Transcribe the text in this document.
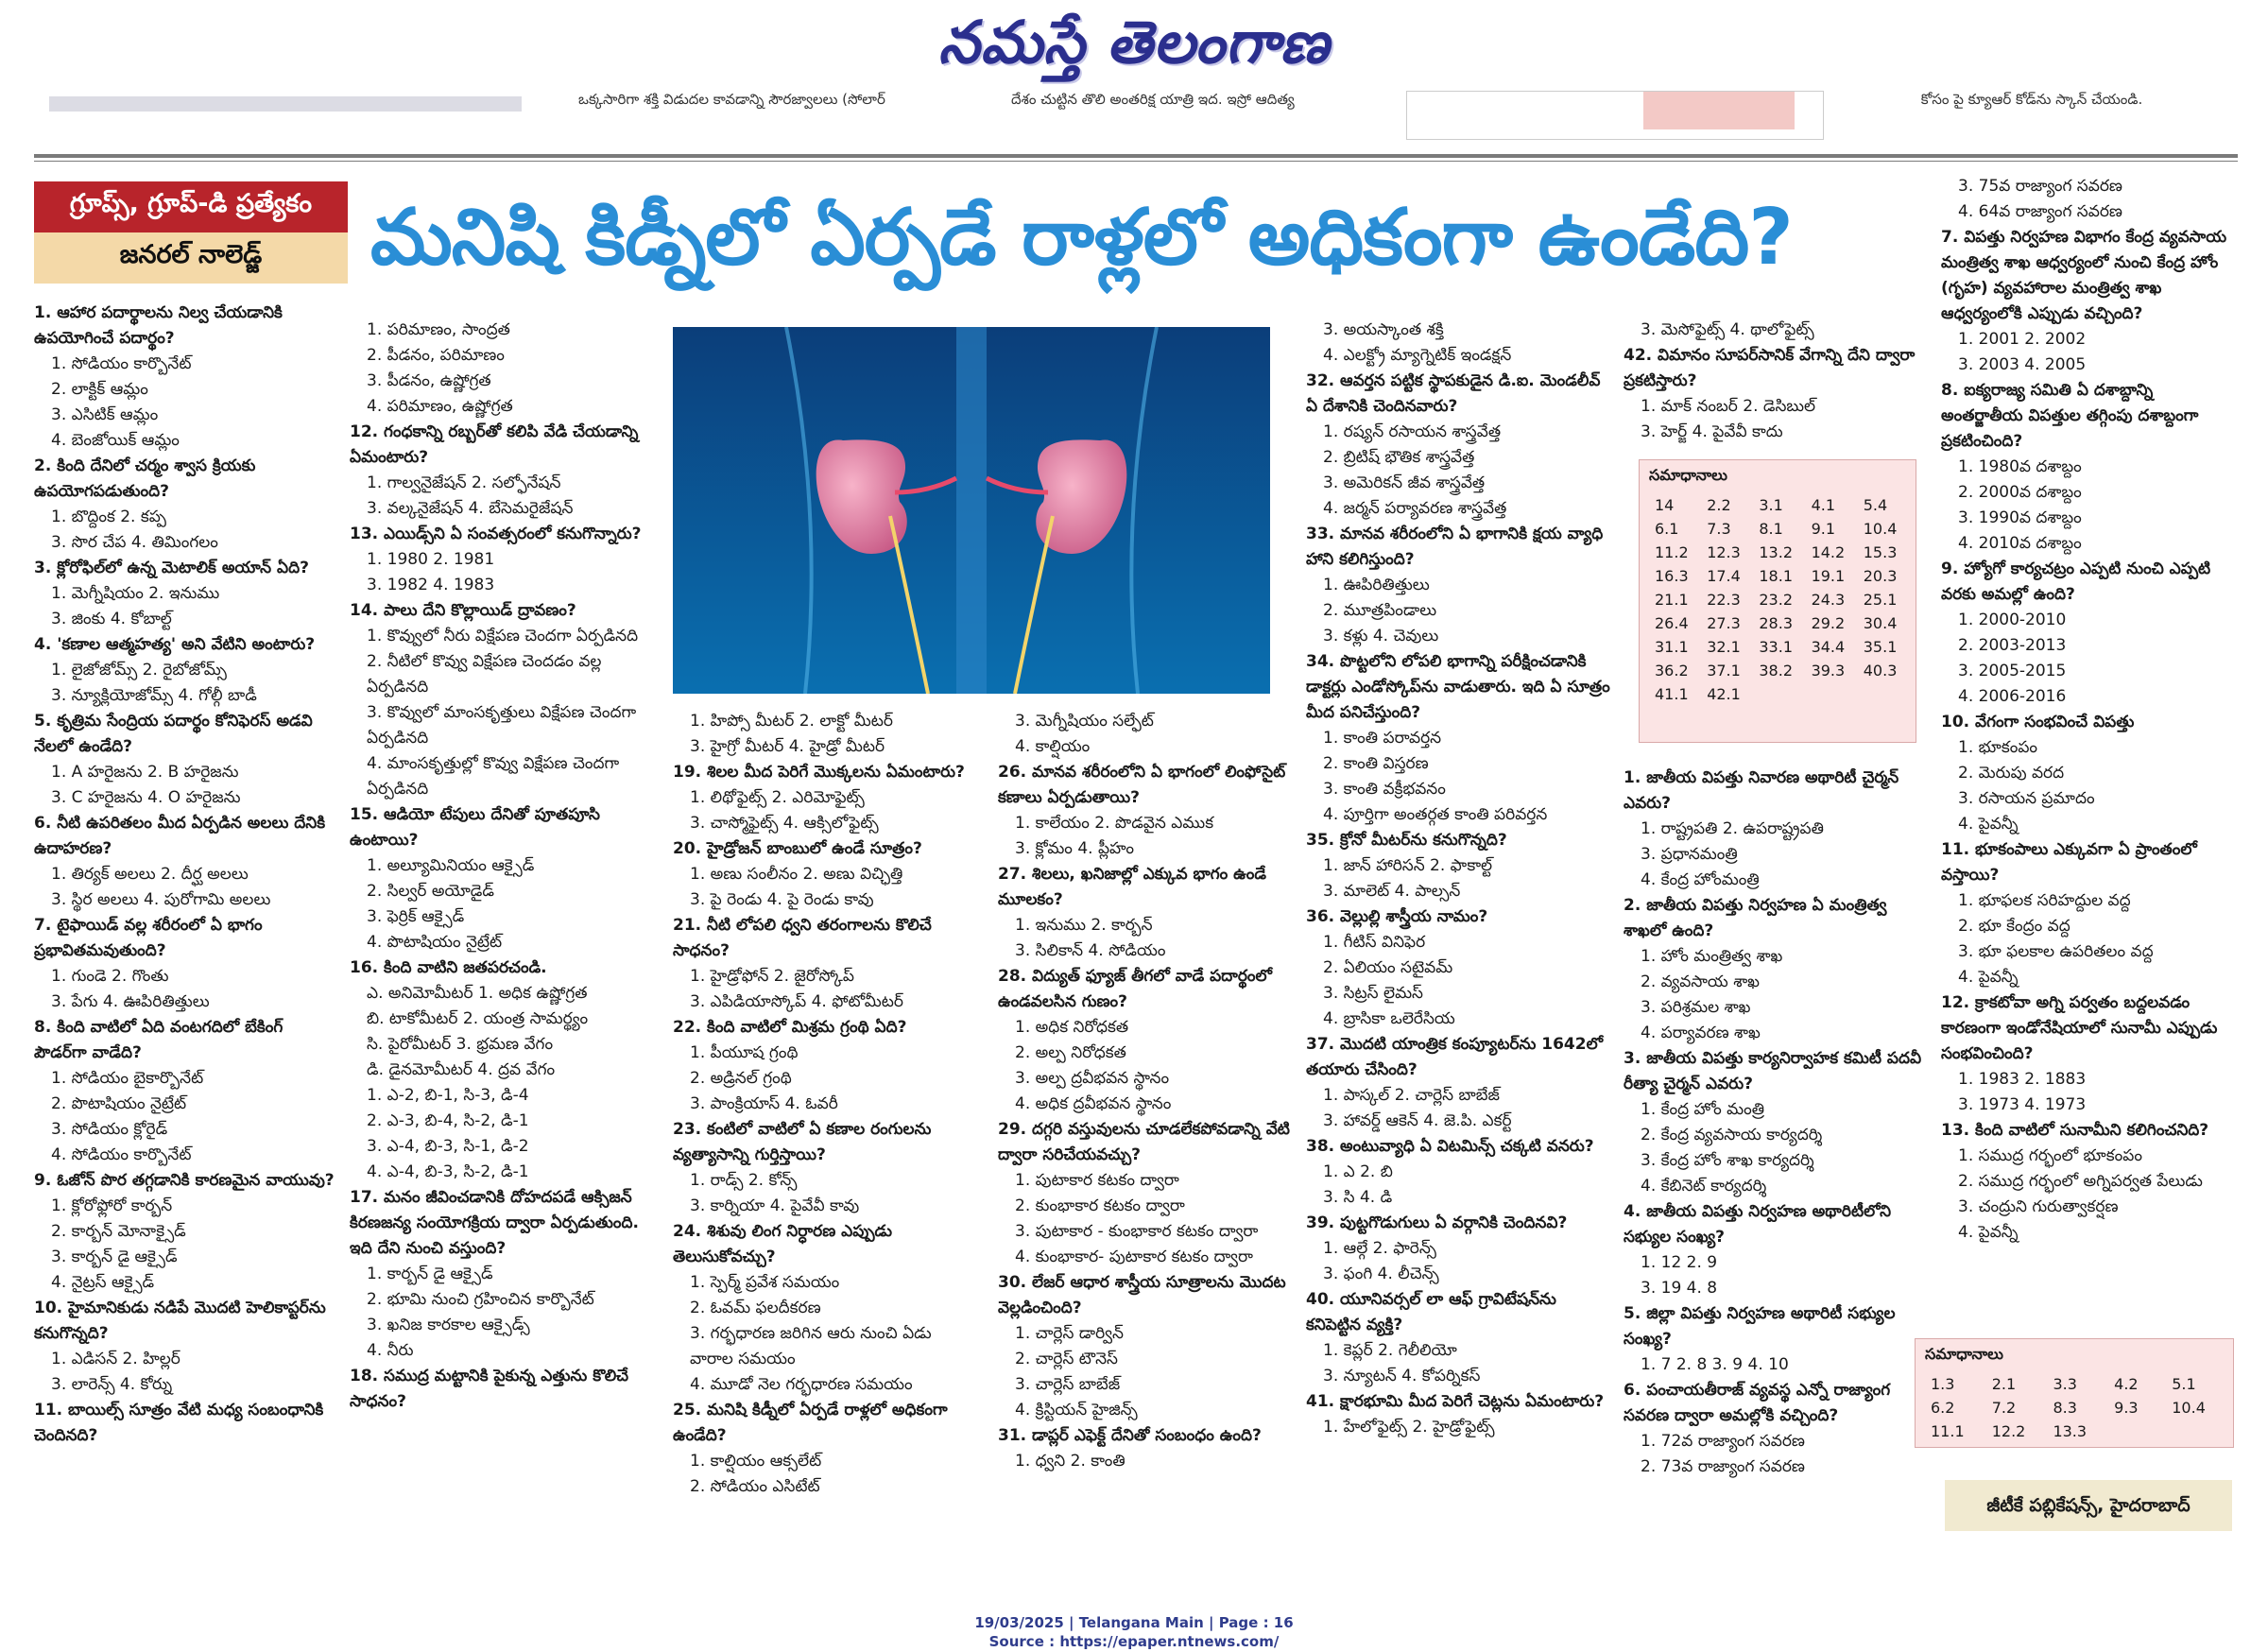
నమస్తే తెలంగాణ
ఒక్కసారిగా శక్తి విడుదల కావడాన్ని సౌరజ్వాలలు (సోలార్	దేశం చుట్టిన తొలి అంతరిక్ష యాత్రి ఇద. ఇస్రో ఆదిత్య	కోసం పై క్యూఆర్ కోడ్‌ను స్కాన్ చేయండి.
గ్రూప్స్, గ్రూప్-డి ప్రత్యేకం
జనరల్ నాలెడ్జ్	మనిషి కిడ్నీలో ఏర్పడే రాళ్లలో అధికంగా ఉండేది?

1. ఆహార పదార్థాలను నిల్వ చేయడానికి ఉపయోగించే పదార్థం?

1. సోడియం కార్బొనేట్

2. లాక్టిక్ ఆమ్లం

3. ఎసిటిక్ ఆమ్లం

4. బెంజోయిక్ ఆమ్లం

2. కింది దేనిలో చర్మం శ్వాస క్రియకు ఉపయోగపడుతుంది?

1. బొద్దింక 2. కప్ప

3. సొర చేప 4. తిమింగలం

3. క్లోరోఫిల్‌లో ఉన్న మెటాలిక్ అయాన్ ఏది?

1. మెగ్నీషియం 2. ఇనుము

3. జింకు 4. కోబాల్ట్

4. 'కణాల ఆత్మహత్య' అని వేటిని అంటారు?

1. లైజోజోమ్స్ 2. రైబోజోమ్స్

3. న్యూక్లియోజోమ్స్ 4. గోల్గీ బాడీ

5. కృత్రిమ సేంద్రియ పదార్థం కోనిఫెరస్ అడవి నేలలో ఉండేది?

1. A హరైజను 2. B హరైజను

3. C హరైజను 4. O హరైజను

6. నీటి ఉపరితలం మీద ఏర్పడిన అలలు దేనికి ఉదాహరణ?

1. తిర్యక్ అలలు 2. దీర్ఘ అలలు

3. స్థిర అలలు 4. పురోగామి అలలు

7. టైఫాయిడ్ వల్ల శరీరంలో ఏ భాగం ప్రభావితమవుతుంది?

1. గుండె 2. గొంతు

3. పేగు 4. ఊపిరితిత్తులు

8. కింది వాటిలో ఏది వంటగదిలో బేకింగ్ పౌడర్‌గా వాడేది?

1. సోడియం బైకార్బొనేట్

2. పొటాషియం నైట్రేట్

3. సోడియం క్లోరైడ్

4. సోడియం కార్బొనేట్

9. ఓజోన్ పొర తగ్గడానికి కారణమైన వాయువు?

1. క్లోరోఫ్లోరో కార్బన్

2. కార్బన్ మోనాక్సైడ్

3. కార్బన్ డై ఆక్సైడ్

4. నైట్రస్ ఆక్సైడ్

10. హైమానికుడు నడిపే మొదటి హెలికాప్టర్‌ను కనుగొన్నది?

1. ఎడిసన్ 2. హిల్లర్

3. లారెన్స్ 4. కోర్ను

11. బాయిల్స్ సూత్రం వేటి మధ్య సంబంధానికి చెందినది?

1. పరిమాణం, సాంద్రత

2. పీడనం, పరిమాణం

3. పీడనం, ఉష్ణోగ్రత

4. పరిమాణం, ఉష్ణోగ్రత

12. గంధకాన్ని రబ్బర్‌తో కలిపి వేడి చేయడాన్ని ఏమంటారు?

1. గాల్వనైజేషన్ 2. సల్ఫోనేషన్

3. వల్కనైజేషన్ 4. బేసెమరైజేషన్

13. ఎయిడ్స్‌ని ఏ సంవత్సరంలో కనుగొన్నారు?

1. 1980 2. 1981

3. 1982 4. 1983

14. పాలు దేని కొల్లాయిడ్ ద్రావణం?

1. కొవ్వులో నీరు విక్షేపణ చెందగా ఏర్పడినది

2. నీటిలో కొవ్వు విక్షేపణ చెందడం వల్ల ఏర్పడినది

3. కొవ్వులో మాంసకృత్తులు విక్షేపణ చెందగా ఏర్పడినది

4. మాంసకృత్తుల్లో కొవ్వు విక్షేపణ చెందగా ఏర్పడినది

15. ఆడియో టేపులు దేనితో పూతపూసి ఉంటాయి?

1. అల్యూమినియం ఆక్సైడ్

2. సిల్వర్ అయోడైడ్

3. ఫెర్రిక్ ఆక్సైడ్

4. పొటాషియం నైట్రేట్

16. కింది వాటిని జతపరచండి.

ఎ. అనిమోమీటర్ 1. అధిక ఉష్ణోగ్రత

బి. టాకోమీటర్ 2. యంత్ర సామర్థ్యం

సి. పైరోమీటర్ 3. భ్రమణ వేగం

డి. డైనమోమీటర్ 4. ద్రవ వేగం

1. ఎ-2, బి-1, సి-3, డి-4

2. ఎ-3, బి-4, సి-2, డి-1

3. ఎ-4, బి-3, సి-1, డి-2

4. ఎ-4, బి-3, సి-2, డి-1

17. మనం జీవించడానికి దోహదపడే ఆక్సిజన్ కిరణజన్య సంయోగక్రియ ద్వారా ఏర్పడుతుంది. ఇది దేని నుంచి వస్తుంది?

1. కార్బన్ డై ఆక్సైడ్

2. భూమి నుంచి గ్రహించిన కార్బొనేట్

3. ఖనిజ కారకాల ఆక్సైడ్స్

4. నీరు

18. సముద్ర మట్టానికి పైకున్న ఎత్తును కొలిచే సాధనం?

1. హిప్సో మీటర్ 2. లాక్టో మీటర్

3. హైగ్రో మీటర్ 4. హైడ్రో మీటర్

19. శిలల మీద పెరిగే మొక్కలను ఏమంటారు?

1. లిథోఫైట్స్ 2. ఎరిమోఫైట్స్

3. చాస్మోఫైట్స్ 4. ఆక్సిలోఫైట్స్

20. హైడ్రోజన్ బాంబులో ఉండే సూత్రం?

1. అణు సంలీనం 2. అణు విచ్ఛిత్తి

3. పై రెండు 4. పై రెండు కావు

21. నీటి లోపలి ధ్వని తరంగాలను కొలిచే సాధనం?

1. హైడ్రోఫోన్ 2. జైరోస్కోప్

3. ఎపిడియాస్కోప్ 4. ఫోటోమీటర్

22. కింది వాటిలో మిశ్రమ గ్రంథి ఏది?

1. పీయూష గ్రంథి

2. అడ్రినల్ గ్రంథి

3. పాంక్రియాస్ 4. ఓవరీ

23. కంటిలో వాటిలో ఏ కణాల రంగులను వ్యత్యాసాన్ని గుర్తిస్తాయి?

1. రాడ్స్ 2. కోన్స్

3. కార్నియా 4. పైవేవీ కావు

24. శిశువు లింగ నిర్ధారణ ఎప్పుడు తెలుసుకోవచ్చు?

1. స్పెర్మ్ ప్రవేశ సమయం

2. ఓవమ్ ఫలదీకరణ

3. గర్భధారణ జరిగిన ఆరు నుంచి ఏడు వారాల సమయం

4. మూడో నెల గర్భధారణ సమయం

25. మనిషి కిడ్నీలో ఏర్పడే రాళ్లలో అధికంగా ఉండేది?

1. కాల్షియం ఆక్సలేట్

2. సోడియం ఎసిటేట్

3. మెగ్నీషియం సల్ఫేట్

4. కాల్షియం

26. మానవ శరీరంలోని ఏ భాగంలో లింఫోసైట్ కణాలు ఏర్పడుతాయి?

1. కాలేయం 2. పొడవైన ఎముక

3. క్లోమం 4. ప్లీహం

27. శిలలు, ఖనిజాల్లో ఎక్కువ భాగం ఉండే మూలకం?

1. ఇనుము 2. కార్బన్

3. సిలికాన్ 4. సోడియం

28. విద్యుత్ ఫ్యూజ్ తీగలో వాడే పదార్థంలో ఉండవలసిన గుణం?

1. అధిక నిరోధకత

2. అల్ప నిరోధకత

3. అల్ప ద్రవీభవన స్థానం

4. అధిక ద్రవీభవన స్థానం

29. దగ్గరి వస్తువులను చూడలేకపోవడాన్ని వేటి ద్వారా సరిచేయవచ్చు?

1. పుటాకార కటకం ద్వారా

2. కుంభాకార కటకం ద్వారా

3. పుటాకార - కుంభాకార కటకం ద్వారా

4. కుంభాకార- పుటాకార కటకం ద్వారా

30. లేజర్ ఆధార శాస్త్రీయ సూత్రాలను మొదట వెల్లడించింది?

1. చార్లెస్ డార్విన్

2. చార్లెస్ టౌనెస్

3. చార్లెస్ బాబేజ్

4. క్రిస్టియన్ హైజిన్స్

31. డాప్లర్ ఎఫెక్ట్ దేనితో సంబంధం ఉంది?

1. ధ్వని 2. కాంతి

3. అయస్కాంత శక్తి

4. ఎలక్ట్రో మ్యాగ్నెటిక్ ఇండక్షన్

32. ఆవర్తన పట్టిక స్థాపకుడైన డి.ఐ. మెండలీవ్ ఏ దేశానికి చెందినవారు?

1. రష్యన్ రసాయన శాస్త్రవేత్త

2. బ్రిటిష్ భౌతిక శాస్త్రవేత్త

3. అమెరికన్ జీవ శాస్త్రవేత్త

4. జర్మన్ పర్యావరణ శాస్త్రవేత్త

33. మానవ శరీరంలోని ఏ భాగానికి క్షయ వ్యాధి హాని కలిగిస్తుంది?

1. ఊపిరితిత్తులు

2. మూత్రపిండాలు

3. కళ్లు 4. చెవులు

34. పొట్టలోని లోపలి భాగాన్ని పరీక్షించడానికి డాక్టర్లు ఎండోస్కోప్‌ను వాడుతారు. ఇది ఏ సూత్రం మీద పనిచేస్తుంది?

1. కాంతి పరావర్తన

2. కాంతి విస్తరణ

3. కాంతి వక్రీభవనం

4. పూర్తిగా అంతర్గత కాంతి పరివర్తన

35. క్రోనో మీటర్‌ను కనుగొన్నది?

1. జాన్ హారిసన్ 2. ఫాకాల్ట్

3. మాలెట్ 4. పాల్సన్

36. వెల్లుల్లి శాస్త్రీయ నామం?

1. గీటిస్ వినిఫెర

2. ఏలియం సటైవమ్

3. సిట్రస్ లైమస్

4. బ్రాసికా ఒలెరేసియ

37. మొదటి యాంత్రిక కంప్యూటర్‌ను 1642లో తయారు చేసింది?

1. పాస్కల్ 2. చార్లెస్ బాబేజ్

3. హావర్డ్ ఆకెన్ 4. జె.పి. ఎకర్ట్

38. అంటువ్యాధి ఏ విటమిన్స్ చక్కటి వనరు?

1. ఎ 2. బి

3. సి 4. డి

39. పుట్టగొడుగులు ఏ వర్గానికి చెందినవి?

1. ఆల్గే 2. ఫారెన్స్

3. ఫంగి 4. లీచెన్స్

40. యూనివర్సల్ లా ఆఫ్ గ్రావిటేషన్‌ను కనిపెట్టిన వ్యక్తి?

1. కెప్లర్ 2. గెలీలియో

3. న్యూటన్ 4. కోపర్నికస్

41. క్షారభూమి మీద పెరిగే చెట్లను ఏమంటారు?

1. హేలోఫైట్స్ 2. హైడ్రోఫైట్స్

3. మెసోఫైట్స్ 4. థాలోఫైట్స్

42. విమానం సూపర్‌సానిక్ వేగాన్ని దేని ద్వారా ప్రకటిస్తారు?

1. మాక్ నంబర్ 2. డెసిబుల్

3. హెర్జ్ 4. పైవేవీ కాదు

సమాధానాలు
14	2.2	3.1	4.1	5.4
6.1	7.3	8.1	9.1	10.4
11.2	12.3	13.2	14.2	15.3
16.3	17.4	18.1	19.1	20.3
21.1	22.3	23.2	24.3	25.1
26.4	27.3	28.3	29.2	30.4
31.1	32.1	33.1	34.4	35.1
36.2	37.1	38.2	39.3	40.3
41.1	42.1			

1. జాతీయ విపత్తు నివారణ అథారిటీ చైర్మన్ ఎవరు?

1. రాష్ట్రపతి 2. ఉపరాష్ట్రపతి

3. ప్రధానమంత్రి

4. కేంద్ర హోంమంత్రి

2. జాతీయ విపత్తు నిర్వహణ ఏ మంత్రిత్వ శాఖలో ఉంది?

1. హోం మంత్రిత్వ శాఖ

2. వ్యవసాయ శాఖ

3. పరిశ్రమల శాఖ

4. పర్యావరణ శాఖ

3. జాతీయ విపత్తు కార్యనిర్వాహక కమిటీ పదవీ రీత్యా చైర్మన్ ఎవరు?

1. కేంద్ర హోం మంత్రి

2. కేంద్ర వ్యవసాయ కార్యదర్శి

3. కేంద్ర హోం శాఖ కార్యదర్శి

4. కేబినెట్ కార్యదర్శి

4. జాతీయ విపత్తు నిర్వహణ అథారిటీలోని సభ్యుల సంఖ్య?

1. 12 2. 9

3. 19 4. 8

5. జిల్లా విపత్తు నిర్వహణ అథారిటీ సభ్యుల సంఖ్య?

1. 7 2. 8 3. 9 4. 10

6. పంచాయతీరాజ్ వ్యవస్థ ఎన్నో రాజ్యాంగ సవరణ ద్వారా అమల్లోకి వచ్చింది?

1. 72వ రాజ్యాంగ సవరణ

2. 73వ రాజ్యాంగ సవరణ

3. 75వ రాజ్యాంగ సవరణ

4. 64వ రాజ్యాంగ సవరణ

7. విపత్తు నిర్వహణ విభాగం కేంద్ర వ్యవసాయ మంత్రిత్వ శాఖ ఆధ్వర్యంలో నుంచి కేంద్ర హోం (గృహ) వ్యవహారాల మంత్రిత్వ శాఖ ఆధ్వర్యంలోకి ఎప్పుడు వచ్చింది?

1. 2001 2. 2002

3. 2003 4. 2005

8. ఐక్యరాజ్య సమితి ఏ దశాబ్దాన్ని అంతర్జాతీయ విపత్తుల తగ్గింపు దశాబ్దంగా ప్రకటించింది?

1. 1980వ దశాబ్దం

2. 2000వ దశాబ్దం

3. 1990వ దశాబ్దం

4. 2010వ దశాబ్దం

9. హ్యోగో కార్యచట్రం ఎప్పటి నుంచి ఎప్పటి వరకు అమల్లో ఉంది?

1. 2000-2010

2. 2003-2013

3. 2005-2015

4. 2006-2016

10. వేగంగా సంభవించే విపత్తు

1. భూకంపం

2. మెరుపు వరద

3. రసాయన ప్రమాదం

4. పైవన్నీ

11. భూకంపాలు ఎక్కువగా ఏ ప్రాంతంలో వస్తాయి?

1. భూఫలక సరిహద్దుల వద్ద

2. భూ కేంద్రం వద్ద

3. భూ ఫలకాల ఉపరితలం వద్ద

4. పైవన్నీ

12. క్రాకటోవా అగ్ని పర్వతం బద్దలవడం కారణంగా ఇండోనేషియాలో సునామీ ఎప్పుడు సంభవించింది?

1. 1983 2. 1883

3. 1973 4. 1973

13. కింది వాటిలో సునామీని కలిగించనిది?

1. సముద్ర గర్భంలో భూకంపం

2. సముద్ర గర్భంలో అగ్నిపర్వత పేలుడు

3. చంద్రుని గురుత్వాకర్షణ

4. పైవన్నీ

సమాధానాలు
1.3	2.1	3.3	4.2	5.1
6.2	7.2	8.3	9.3	10.4
11.1	12.2	13.3		
జీటీకే పబ్లికేషన్స్, హైదరాబాద్
19/03/2025 | Telangana Main | Page : 16
Source : https://epaper.ntnews.com/
